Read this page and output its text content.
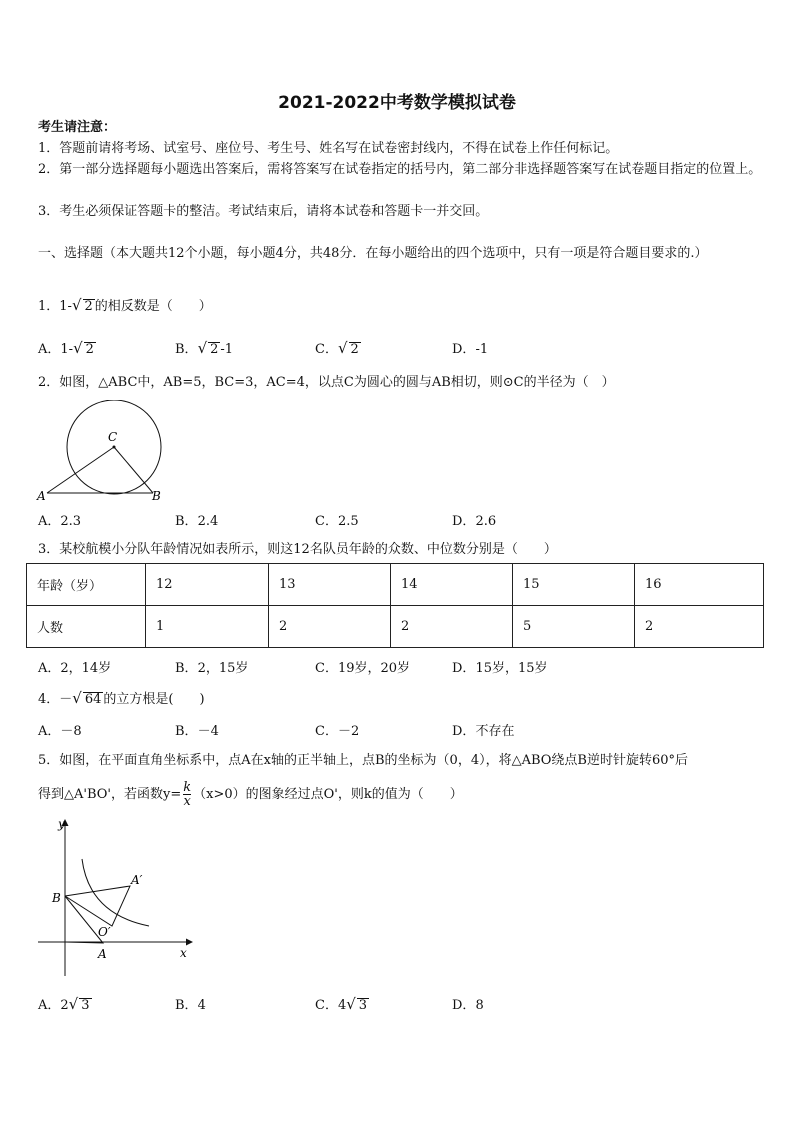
2021-2022中考数学模拟试卷
考生请注意：
1．答题前请将考场、试室号、座位号、考生号、姓名写在试卷密封线内，不得在试卷上作任何标记。
2．第一部分选择题每小题选出答案后，需将答案写在试卷指定的括号内，第二部分非选择题答案写在试卷题目指定的位置上。
3．考生必须保证答题卡的整洁。考试结束后，请将本试卷和答题卡一并交回。
一、选择题（本大题共12个小题，每小题4分，共48分．在每小题给出的四个选项中，只有一项是符合题目要求的.）
1．1-√ 2 的相反数是（　　）
A．1-√ 2	B．√ 2 -1	C．√ 2	D．-1
2．如图，△ABC中，AB=5，BC=3，AC=4，以点C为圆心的圆与AB相切，则⊙C的半径为（　）
C
A	B
A．2.3	B．2.4	C．2.5	D．2.6
3．某校航模小分队年龄情况如表所示，则这12名队员年龄的众数、中位数分别是（　　）
年龄（岁）	12	13	14	15	16
人数	1	2	2	5	2
A．2，14岁	B．2，15岁	C．19岁，20岁	D．15岁，15岁
4．－√ 64 的立方根是(　　)
A．－8	B．－4	C．－2	D．不存在
5．如图，在平面直角坐标系中，点A在x轴的正半轴上，点B的坐标为（0，4），将△ABO绕点B逆时针旋转60°后
得到△A'BO'，若函数$y= \frac{k}{x} (x>0)$的图象经过点O'，则k的值为（　　）
y
x
B
A′
O′
A
A．2√ 3	B．4	C．4√ 3	D．8
